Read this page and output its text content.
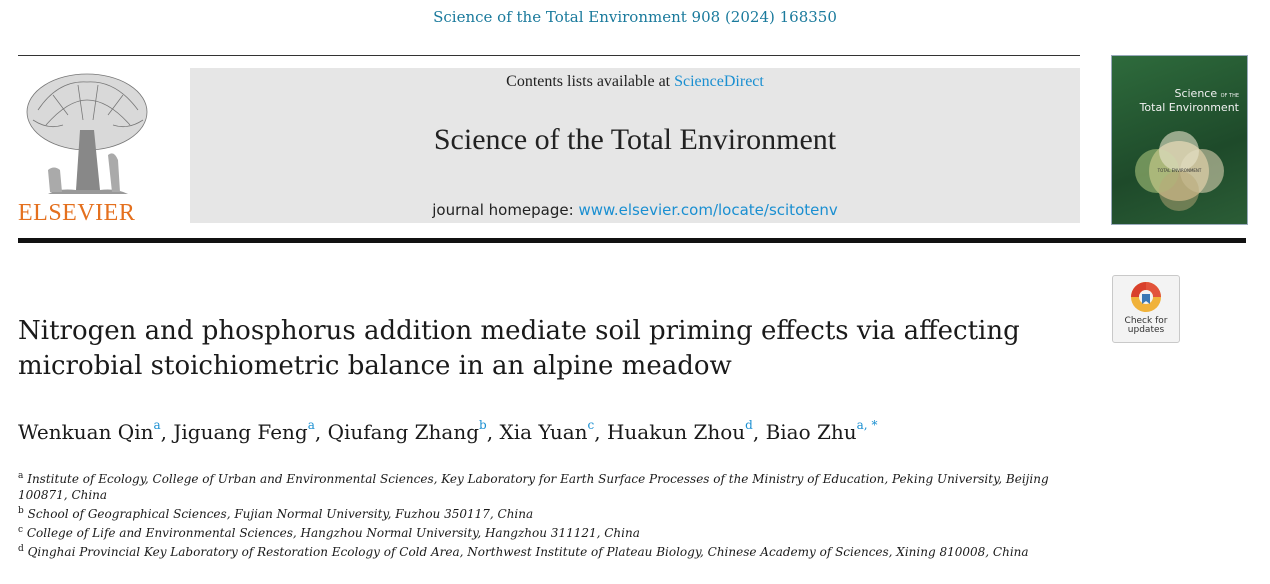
Science of the Total Environment 908 (2024) 168350
ELSEVIER
Contents lists available at ScienceDirect
Science of the Total Environment
journal homepage: www.elsevier.com/locate/scitotenv
Science OF THE
Total Environment
TOTAL ENVIRONMENT
Check for
updates
Nitrogen and phosphorus addition mediate soil priming effects via affecting microbial stoichiometric balance in an alpine meadow
Wenkuan Qin$^a$, Jiguang Feng$^a$, Qiufang Zhang$^b$, Xia Yuan$^c$, Huakun Zhou$^d$, Biao Zhu$^{a, *}$
$^a$ Institute of Ecology, College of Urban and Environmental Sciences, Key Laboratory for Earth Surface Processes of the Ministry of Education, Peking University, Beijing 100871, China
$^b$ School of Geographical Sciences, Fujian Normal University, Fuzhou 350117, China
$^c$ College of Life and Environmental Sciences, Hangzhou Normal University, Hangzhou 311121, China
$^d$ Qinghai Provincial Key Laboratory of Restoration Ecology of Cold Area, Northwest Institute of Plateau Biology, Chinese Academy of Sciences, Xining 810008, China
